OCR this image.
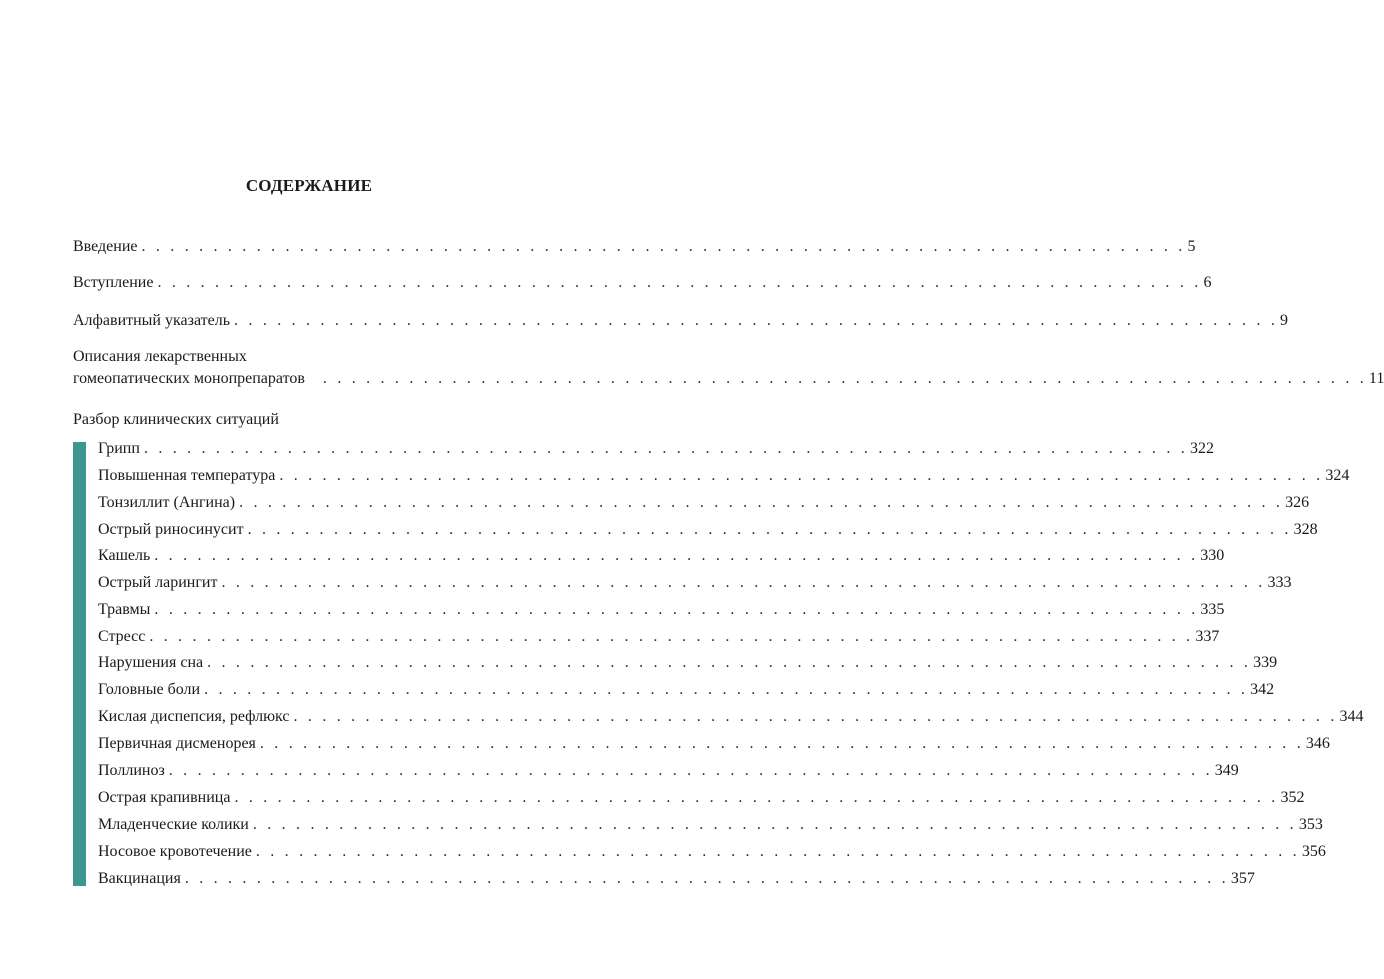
СОДЕРЖАНИЕ
Введение . . . . . . . . . . . . . . . . . . . . . . . . . . . . . . . . . . . . . . . . . . . . . . . . . . . . . . . . . . . . . . . . . . . . . . . . . 5
Вступление . . . . . . . . . . . . . . . . . . . . . . . . . . . . . . . . . . . . . . . . . . . . . . . . . . . . . . . . . . . . . . . . . . . . . . . . . 6
Алфавитный указатель . . . . . . . . . . . . . . . . . . . . . . . . . . . . . . . . . . . . . . . . . . . . . . . . . . . . . . . . . . . . . . . . . . . . . . . . . 9
Описания лекарственных
гомеопатических монопрепаратов . . . . . . . . . . . . . . . . . . . . . . . . . . . . . . . . . . . . . . . . . . . . . . . . . . . . . . . . . . . . . . . . . . . . . . . . . 11
Разбор клинических ситуаций
Грипп . . . . . . . . . . . . . . . . . . . . . . . . . . . . . . . . . . . . . . . . . . . . . . . . . . . . . . . . . . . . . . . . . . . . . . . . . 322
Повышенная температура . . . . . . . . . . . . . . . . . . . . . . . . . . . . . . . . . . . . . . . . . . . . . . . . . . . . . . . . . . . . . . . . . . . . . . . . . 324
Тонзиллит (Ангина) . . . . . . . . . . . . . . . . . . . . . . . . . . . . . . . . . . . . . . . . . . . . . . . . . . . . . . . . . . . . . . . . . . . . . . . . . 326
Острый риносинусит . . . . . . . . . . . . . . . . . . . . . . . . . . . . . . . . . . . . . . . . . . . . . . . . . . . . . . . . . . . . . . . . . . . . . . . . . 328
Кашель . . . . . . . . . . . . . . . . . . . . . . . . . . . . . . . . . . . . . . . . . . . . . . . . . . . . . . . . . . . . . . . . . . . . . . . . . 330
Острый ларингит . . . . . . . . . . . . . . . . . . . . . . . . . . . . . . . . . . . . . . . . . . . . . . . . . . . . . . . . . . . . . . . . . . . . . . . . . 333
Травмы . . . . . . . . . . . . . . . . . . . . . . . . . . . . . . . . . . . . . . . . . . . . . . . . . . . . . . . . . . . . . . . . . . . . . . . . . 335
Стресс . . . . . . . . . . . . . . . . . . . . . . . . . . . . . . . . . . . . . . . . . . . . . . . . . . . . . . . . . . . . . . . . . . . . . . . . . 337
Нарушения сна . . . . . . . . . . . . . . . . . . . . . . . . . . . . . . . . . . . . . . . . . . . . . . . . . . . . . . . . . . . . . . . . . . . . . . . . . 339
Головные боли . . . . . . . . . . . . . . . . . . . . . . . . . . . . . . . . . . . . . . . . . . . . . . . . . . . . . . . . . . . . . . . . . . . . . . . . . 342
Кислая диспепсия, рефлюкс . . . . . . . . . . . . . . . . . . . . . . . . . . . . . . . . . . . . . . . . . . . . . . . . . . . . . . . . . . . . . . . . . . . . . . . . . 344
Первичная дисменорея . . . . . . . . . . . . . . . . . . . . . . . . . . . . . . . . . . . . . . . . . . . . . . . . . . . . . . . . . . . . . . . . . . . . . . . . . 346
Поллиноз . . . . . . . . . . . . . . . . . . . . . . . . . . . . . . . . . . . . . . . . . . . . . . . . . . . . . . . . . . . . . . . . . . . . . . . . . 349
Острая крапивница . . . . . . . . . . . . . . . . . . . . . . . . . . . . . . . . . . . . . . . . . . . . . . . . . . . . . . . . . . . . . . . . . . . . . . . . . 352
Младенческие колики . . . . . . . . . . . . . . . . . . . . . . . . . . . . . . . . . . . . . . . . . . . . . . . . . . . . . . . . . . . . . . . . . . . . . . . . . 353
Носовое кровотечение . . . . . . . . . . . . . . . . . . . . . . . . . . . . . . . . . . . . . . . . . . . . . . . . . . . . . . . . . . . . . . . . . . . . . . . . . 356
Вакцинация . . . . . . . . . . . . . . . . . . . . . . . . . . . . . . . . . . . . . . . . . . . . . . . . . . . . . . . . . . . . . . . . . . . . . . . . . 357
